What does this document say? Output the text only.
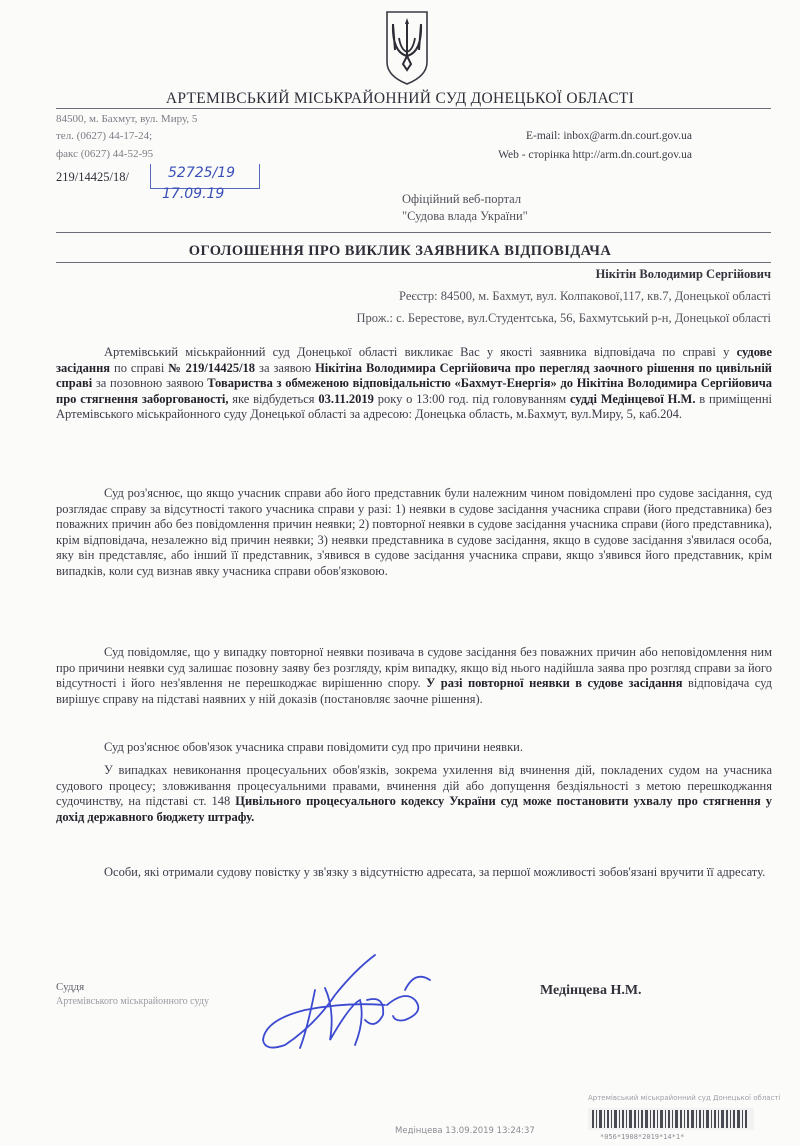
АРТЕМІВСЬКИЙ МІСЬКРАЙОННИЙ СУД ДОНЕЦЬКОЇ ОБЛАСТІ
84500, м. Бахмут, вул. Миру, 5
тел. (0627) 44-17-24;
факс (0627) 44-52-95
E-mail: inbox@arm.dn.court.gov.ua
Web - сторінка http://arm.dn.court.gov.ua
219/14425/18/	52725/19
17.09.19	Офіційний веб-портал
"Судова влада України"
ОГОЛОШЕННЯ ПРО ВИКЛИК ЗАЯВНИКА ВІДПОВІДАЧА
Нікітін Володимир Сергійович
Реєстр: 84500, м. Бахмут, вул. Колпакової,117, кв.7, Донецької області
Прож.: с. Берестове, вул.Студентська, 56, Бахмутський р-н, Донецької області
Артемівський міськрайонний суд Донецької області викликає Вас у якості заявника відповідача по справі у судове засідання по справі № 219/14425/18 за заявою Нікітіна Володимира Сергійовича про перегляд заочного рішення по цивільній справі за позовною заявою Товариства з обмеженою відповідальністю «Бахмут-Енергія» до Нікітіна Володимира Сергійовича про стягнення заборгованості, яке відбудеться 03.11.2019 року о 13:00 год. під головуванням судді Медінцевої Н.М. в приміщенні Артемівського міськрайонного суду Донецької області за адресою: Донецька область, м.Бахмут, вул.Миру, 5, каб.204.
Суд роз'яснює, що якщо учасник справи або його представник були належним чином повідомлені про судове засідання, суд розглядає справу за відсутності такого учасника справи у разі: 1) неявки в судове засідання учасника справи (його представника) без поважних причин або без повідомлення причин неявки; 2) повторної неявки в судове засідання учасника справи (його представника), крім відповідача, незалежно від причин неявки; 3) неявки представника в судове засідання, якщо в судове засідання з'явилася особа, яку він представляє, або інший її представник, з'явився в судове засідання учасника справи, якщо з'явився його представник, крім випадків, коли суд визнав явку учасника справи обов'язковою.
Суд повідомляє, що у випадку повторної неявки позивача в судове засідання без поважних причин або неповідомлення ним про причини неявки суд залишає позовну заяву без розгляду, крім випадку, якщо від нього надійшла заява про розгляд справи за його відсутності і його нез'явлення не перешкоджає вирішенню спору. У разі повторної неявки в судове засідання відповідача суд вирішує справу на підставі наявних у ній доказів (постановляє заочне рішення).
Суд роз'яснює обов'язок учасника справи повідомити суд про причини неявки.
У випадках невиконання процесуальних обов'язків, зокрема ухилення від вчинення дій, покладених судом на учасника судового процесу; зловживання процесуальними правами, вчинення дій або допущення бездіяльності з метою перешкоджання судочинству, на підставі ст. 148 Цивільного процесуального кодексу України суд може постановити ухвалу про стягнення у дохід державного бюджету штрафу.
Особи, які отримали судову повістку у зв'язку з відсутністю адресата, за першої можливості зобов'язані вручити її адресату.
Суддя
Артемівського міськрайонного суду
Медінцева Н.М.
Медінцева 13.09.2019 13:24:37
Артемівський міськрайонний суд Донецької області
*056*1908*2019*14*1*
